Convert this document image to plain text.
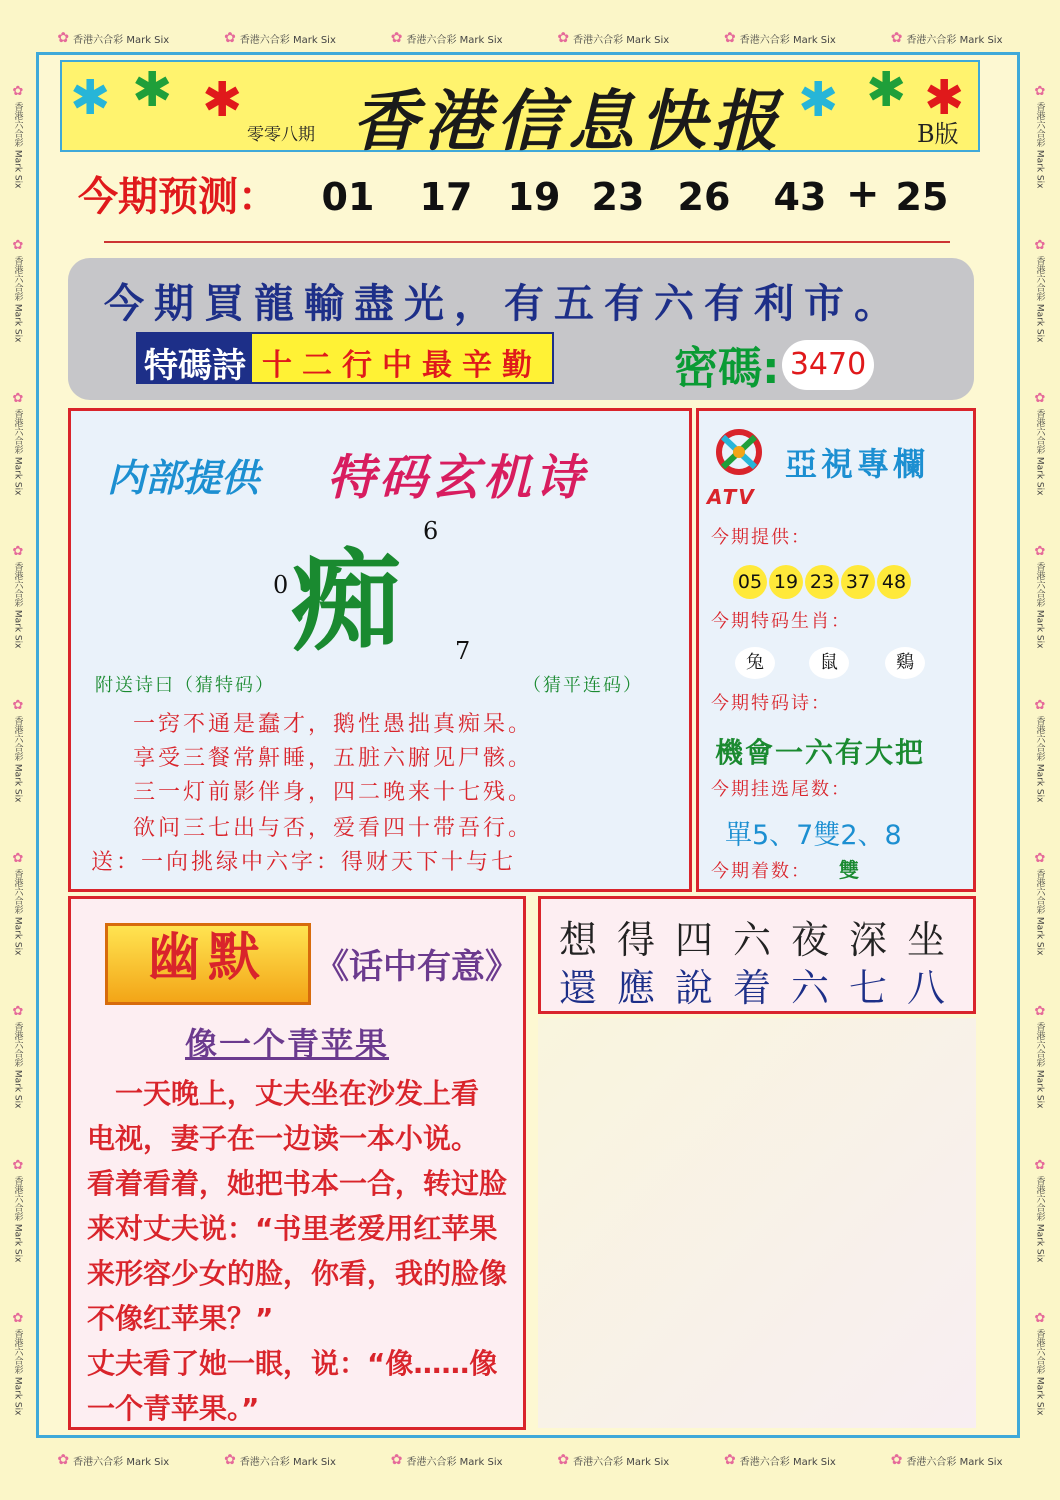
✿ 香港六合彩 Mark Six	✿ 香港六合彩 Mark Six	✿ 香港六合彩 Mark Six	✿ 香港六合彩 Mark Six	✿ 香港六合彩 Mark Six	✿ 香港六合彩 Mark Six
✿ 香港六合彩 Mark Six	✿ 香港六合彩 Mark Six	✿ 香港六合彩 Mark Six	✿ 香港六合彩 Mark Six	✿ 香港六合彩 Mark Six	✿ 香港六合彩 Mark Six
✿
香港六合彩 Mark Six
✿
香港六合彩 Mark Six
✿
香港六合彩 Mark Six
✿
香港六合彩 Mark Six
✿
香港六合彩 Mark Six
✿
香港六合彩 Mark Six
✿
香港六合彩 Mark Six
✿
香港六合彩 Mark Six
✿
香港六合彩 Mark Six
✿
香港六合彩 Mark Six
✿
香港六合彩 Mark Six
✿
香港六合彩 Mark Six
✿
香港六合彩 Mark Six
✿
香港六合彩 Mark Six
✿
香港六合彩 Mark Six
✿
香港六合彩 Mark Six
✿
香港六合彩 Mark Six
✿
香港六合彩 Mark Six
✱ ✱ ✱
零零八期 香港信息快报 ✱ ✱ ✱
B版
今期预测：	★ 01	★ 17 ★ 19 ★ 23 ★ 26	★ 43 + ★ 25
今期買龍輸盡光，有五有六有利市。
特碼詩 十二行中最辛勤	密碼: 3470
内部提供 特码玄机诗
6
0 痴 7
附送诗曰（猜特码）	（猜平连码）
一窍不通是蠢才，鹅性愚拙真痴呆。
享受三餐常鼾睡，五脏六腑见尸骸。
三一灯前影伴身，四二晚来十七残。
欲问三七出与否，爱看四十带吾行。
送：一向挑绿中六字：得财天下十与七
ATV
亞視專欄
今期提供：
05 19 23 37 48
今期特码生肖：
兔	鼠	鷄
今期特码诗：
機會一六有大把
今期挂选尾数：
單5、7雙2、8
今期着数： 雙
幽默	《话中有意》
像一个青苹果

　一天晚上，丈夫坐在沙发上看

电视，妻子在一边读一本小说。

看着看着，她把书本一合，转过脸

来对丈夫说：“书里老爱用红苹果

来形容少女的脸，你看，我的脸像

不像红苹果？”

丈夫看了她一眼，说：“像……像

一个青苹果。”

想得四六夜深坐
還應說着六七八
